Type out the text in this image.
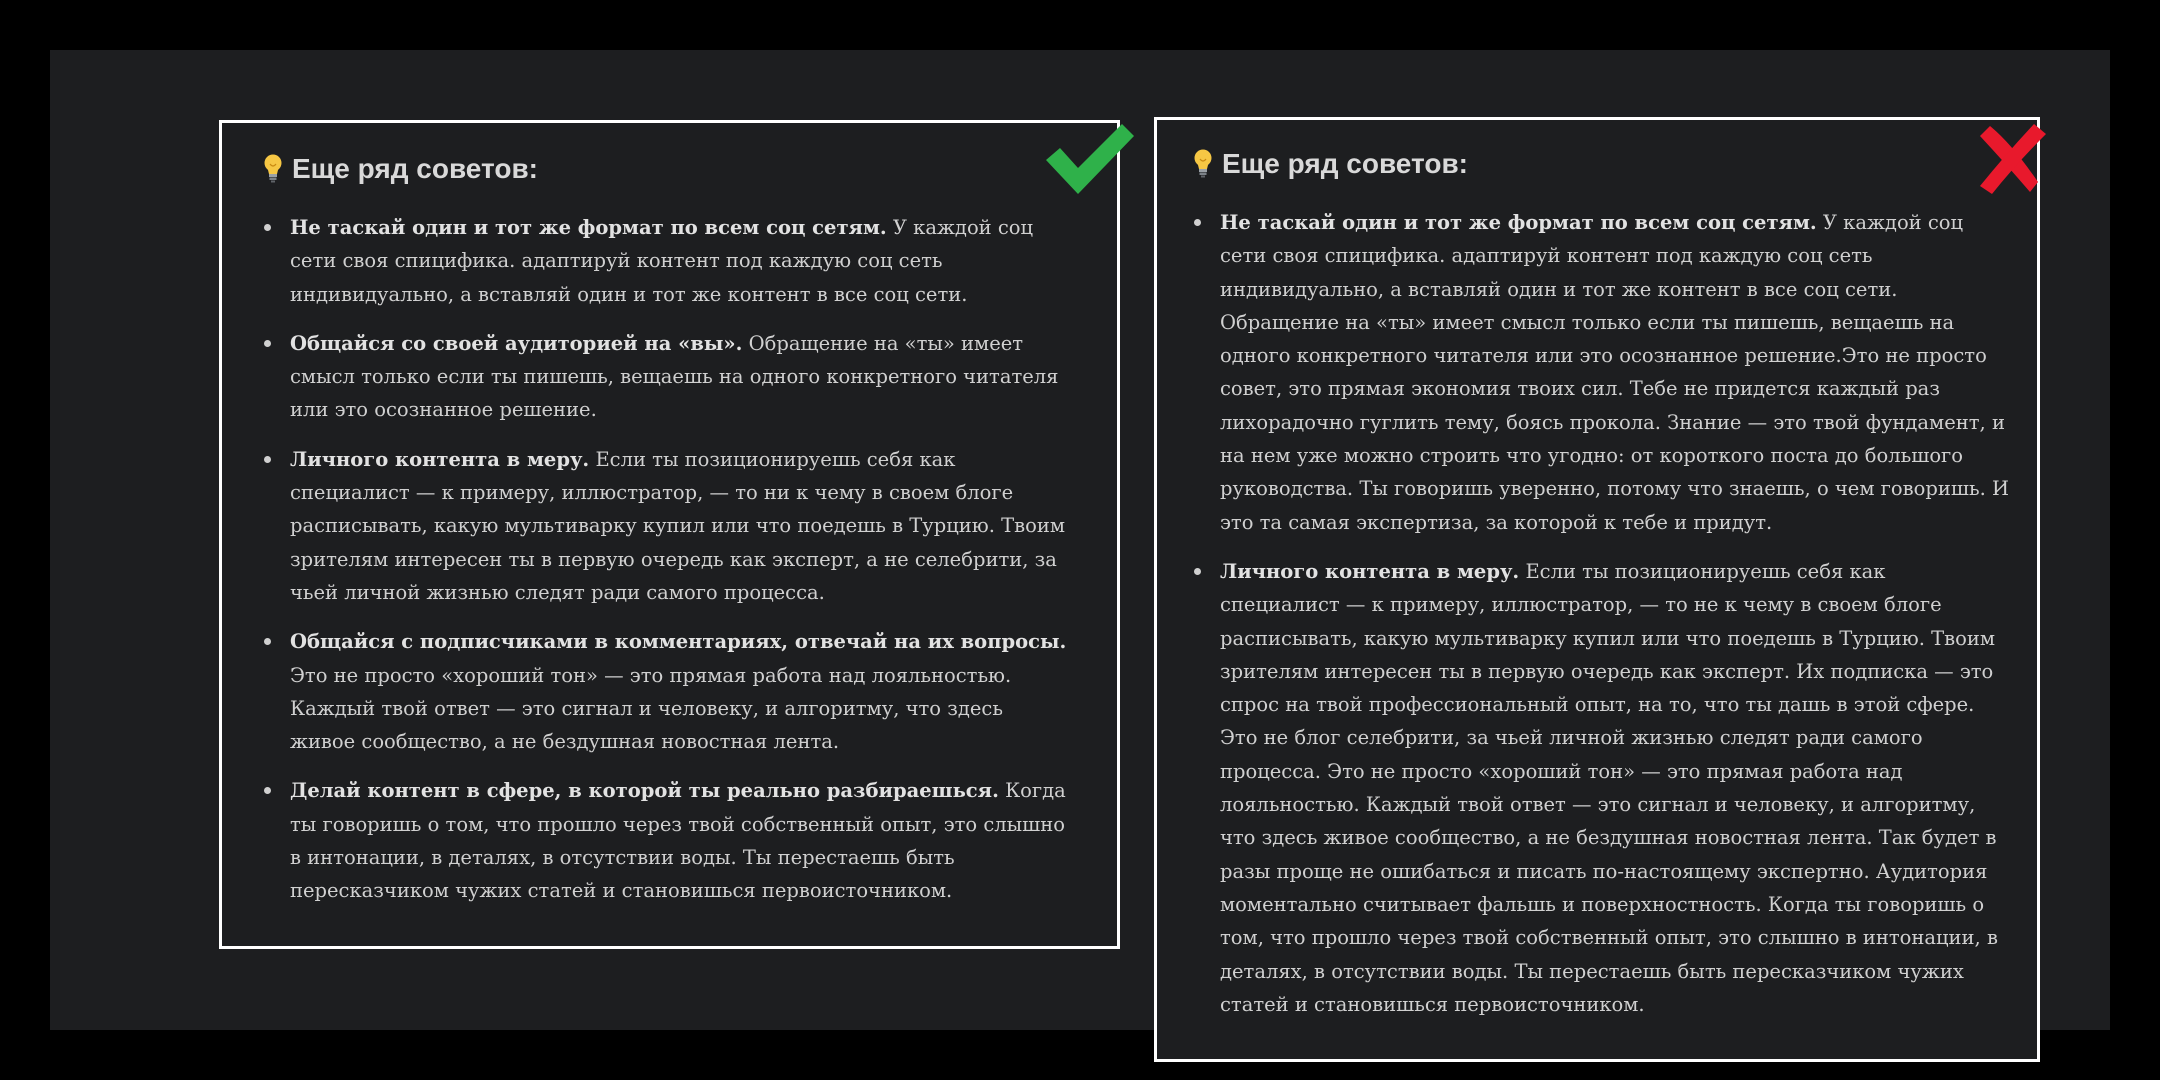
Еще ряд советов:
Не таскай один и тот же формат по всем соц сетям. У каждой соц сети своя спицифика. адаптируй контент под каждую соц сеть индивидуально, а вставляй один и тот же контент в все соц сети.
Общайся со своей аудиторией на «вы». Обращение на «ты» имеет смысл только если ты пишешь, вещаешь на одного конкретного читателя или это осознанное решение.
Личного контента в меру. Если ты позиционируешь себя как специалист — к примеру, иллюстратор, — то ни к чему в своем блоге расписывать, какую мультиварку купил или что поедешь в Турцию. Твоим зрителям интересен ты в первую очередь как эксперт, а не селебрити, за чьей личной жизнью следят ради самого процесса.
Общайся с подписчиками в комментариях, отвечай на их вопросы. Это не просто «хороший тон» — это прямая работа над лояльностью. Каждый твой ответ — это сигнал и человеку, и алгоритму, что здесь живое сообщество, а не бездушная новостная лента.
Делай контент в сфере, в которой ты реально разбираешься. Когда ты говоришь о том, что прошло через твой собственный опыт, это слышно в интонации, в деталях, в отсутствии воды. Ты перестаешь быть пересказчиком чужих статей и становишься первоисточником.
Еще ряд советов:
Не таскай один и тот же формат по всем соц сетям. У каждой соц сети своя спицифика. адаптируй контент под каждую соц сеть индивидуально, а вставляй один и тот же контент в все соц сети. Обращение на «ты» имеет смысл только если ты пишешь, вещаешь на одного конкретного читателя или это осознанное решение.Это не просто совет, это прямая экономия твоих сил. Тебе не придется каждый раз лихорадочно гуглить тему, боясь прокола. Знание — это твой фундамент, и на нем уже можно строить что угодно: от короткого поста до большого руководства. Ты говоришь уверенно, потому что знаешь, о чем говоришь. И это та самая экспертиза, за которой к тебе и придут.
Личного контента в меру. Если ты позиционируешь себя как специалист — к примеру, иллюстратор, — то не к чему в своем блоге расписывать, какую мультиварку купил или что поедешь в Турцию. Твоим зрителям интересен ты в первую очередь как эксперт. Их подписка — это спрос на твой профессиональный опыт, на то, что ты дашь в этой сфере. Это не блог селебрити, за чьей личной жизнью следят ради самого процесса. Это не просто «хороший тон» — это прямая работа над лояльностью. Каждый твой ответ — это сигнал и человеку, и алгоритму, что здесь живое сообщество, а не бездушная новостная лента. Так будет в разы проще не ошибаться и писать по-настоящему экспертно. Аудитория моментально считывает фальшь и поверхностность. Когда ты говоришь о том, что прошло через твой собственный опыт, это слышно в интонации, в деталях, в отсутствии воды. Ты перестаешь быть пересказчиком чужих статей и становишься первоисточником.
